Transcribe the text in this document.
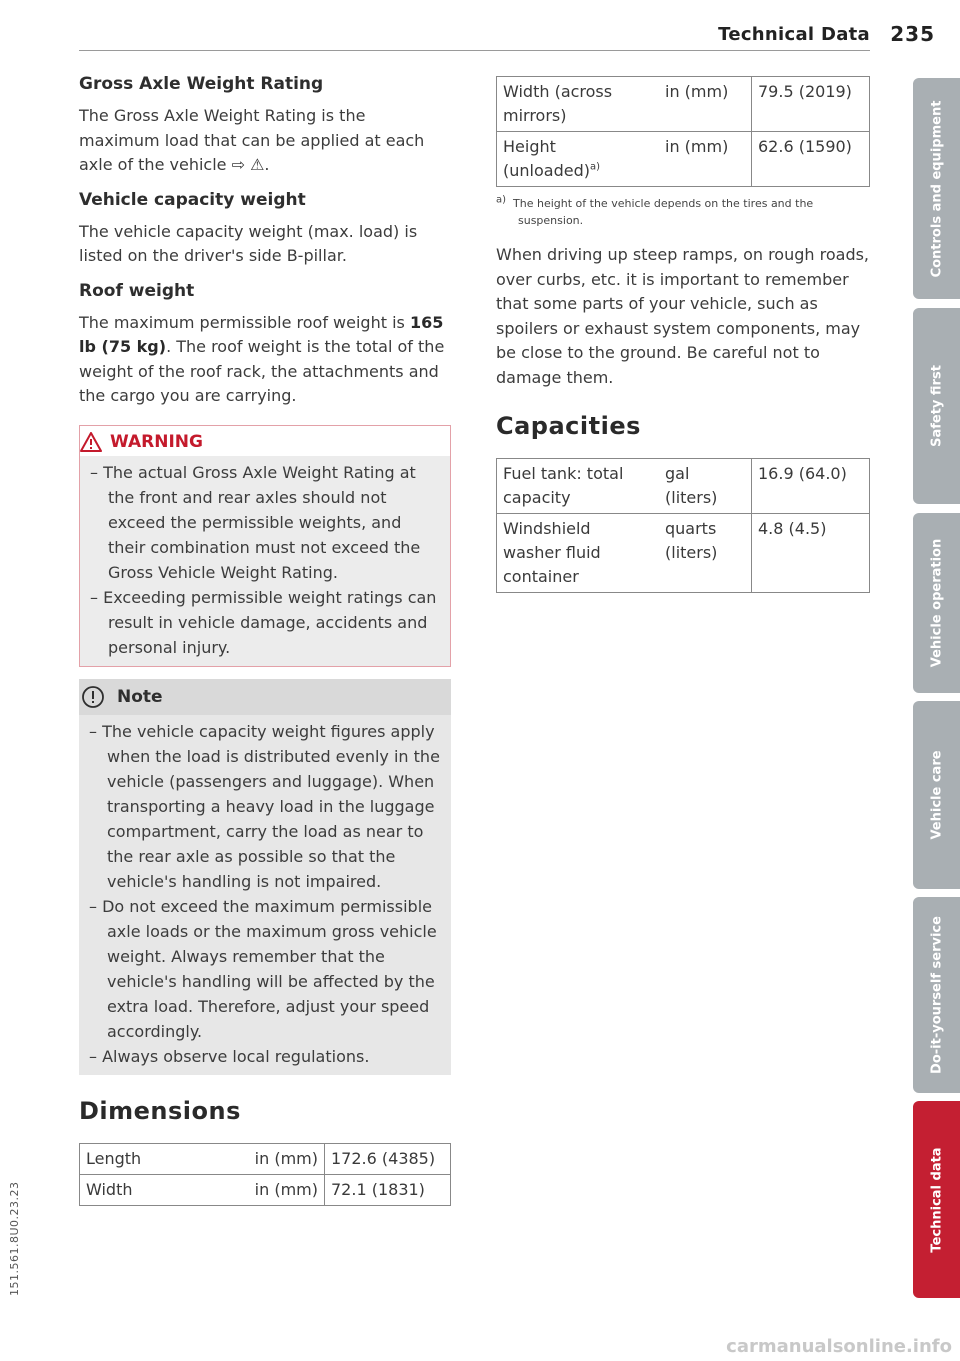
Technical Data 235
Gross Axle Weight Rating

The Gross Axle Weight Rating is the maximum load that can be applied at each axle of the vehicle ⇨ ⚠.

Vehicle capacity weight

The vehicle capacity weight (max. load) is listed on the driver's side B-pillar.

Roof weight

The maximum permissible roof weight is 165 lb (75 kg). The roof weight is the total of the weight of the roof rack, the attachments and the cargo you are carrying.

WARNING
– The actual Gross Axle Weight Rating at the front and rear axles should not exceed the permissible weights, and their combination must not exceed the Gross Vehicle Weight Rating.
– Exceeding permissible weight ratings can result in vehicle damage, accidents and personal injury.
Note
– The vehicle capacity weight figures apply when the load is distributed evenly in the vehicle (passengers and luggage). When transporting a heavy load in the luggage compartment, carry the load as near to the rear axle as possible so that the vehicle's handling is not impaired.
– Do not exceed the maximum permissible axle loads or the maximum gross vehicle weight. Always remember that the vehicle's handling will be affected by the extra load. Therefore, adjust your speed accordingly.
– Always observe local regulations.
Dimensions
Length	in (mm)	172.6 (4385)
Width	in (mm)	72.1 (1831)
Width (across mirrors)	in (mm)	79.5 (2019)
Height (unloaded)$^{a)}$	in (mm)	62.6 (1590)
$^{a)}$ The height of the vehicle depends on the tires and the suspension.

When driving up steep ramps, on rough roads, over curbs, etc. it is important to remember that some parts of your vehicle, such as spoilers or exhaust system components, may be close to the ground. Be careful not to damage them.

Capacities
Fuel tank: total capacity	gal (liters)	16.9 (64.0)
Windshield washer fluid container	quarts (liters)	4.8 (4.5)
Controls and equipment
Safety first
Vehicle operation
Vehicle care
Do-it-yourself service
Technical data
151.561.8U0.23.23
carmanualsonline.info
